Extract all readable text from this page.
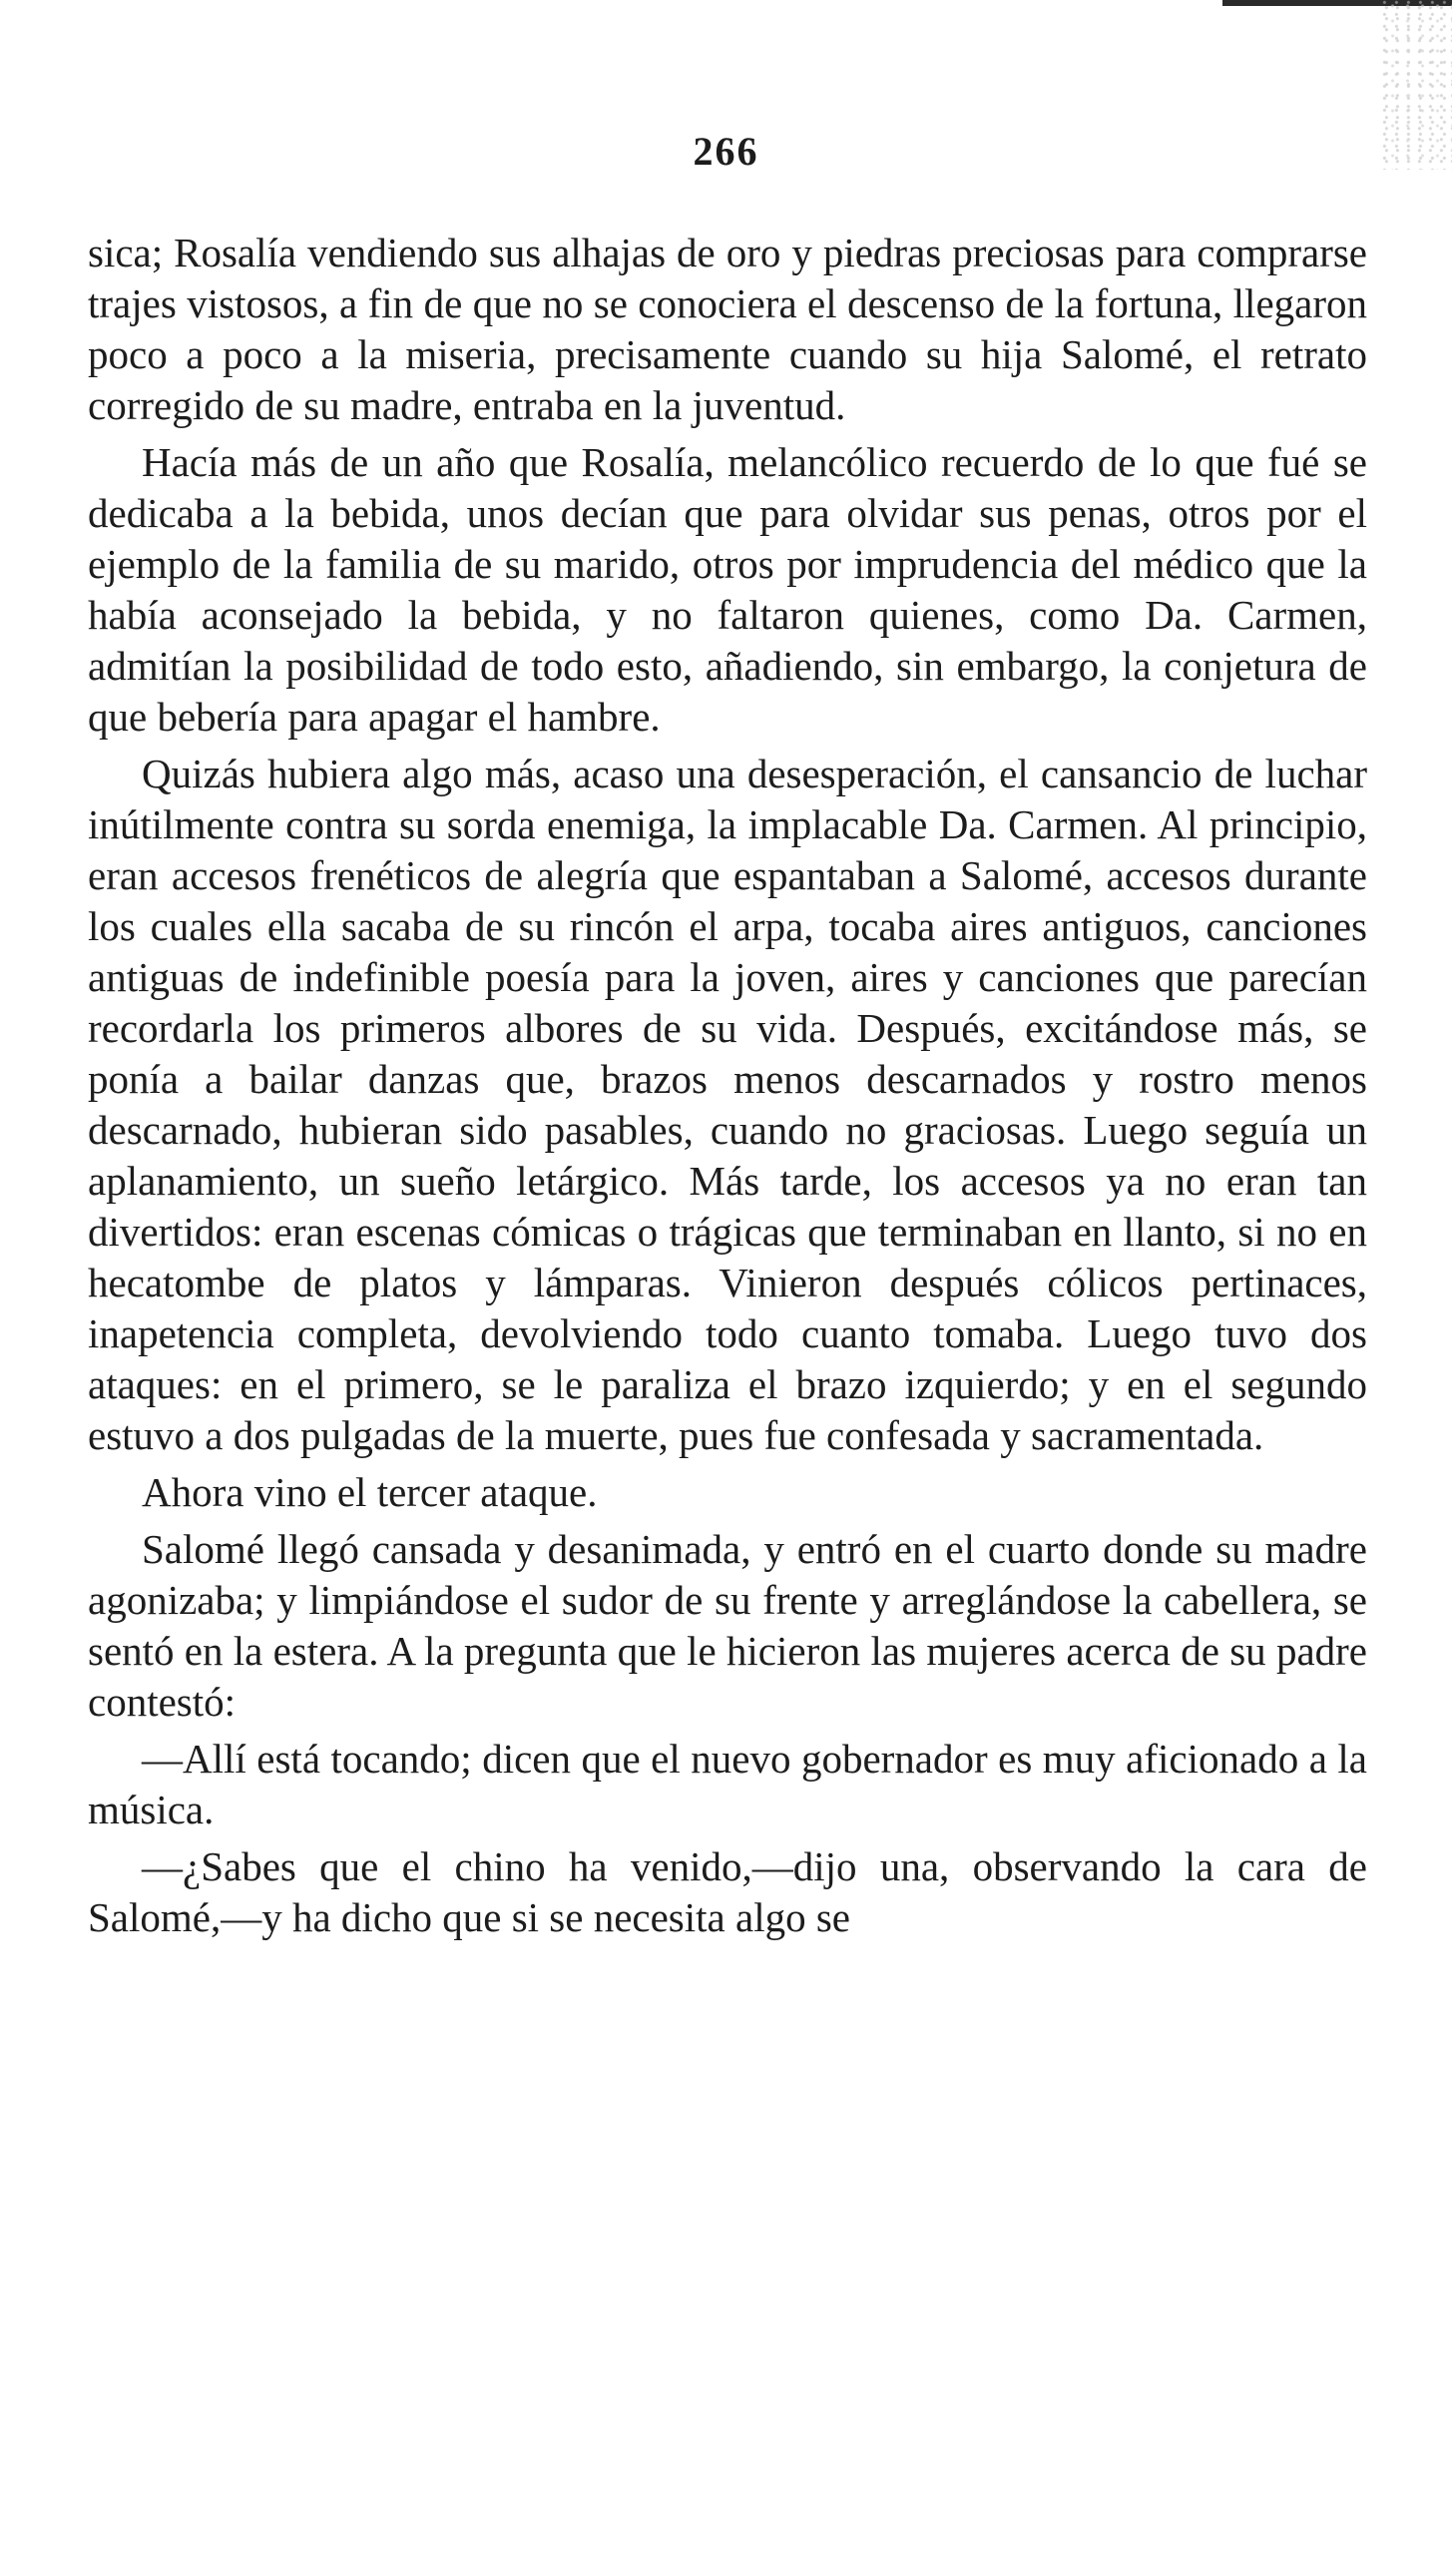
266

sica; Rosalía vendiendo sus alhajas de oro y piedras preciosas para comprarse trajes vistosos, a fin de que no se conociera el descenso de la fortuna, llegaron poco a poco a la miseria, precisamente cuando su hija Salomé, el retrato corregido de su madre, entraba en la juventud.

Hacía más de un año que Rosalía, melancólico recuerdo de lo que fué se dedicaba a la bebida, unos decían que para olvidar sus penas, otros por el ejemplo de la familia de su marido, otros por imprudencia del médico que la había aconsejado la bebida, y no faltaron quienes, como Da. Carmen, admitían la posibilidad de todo esto, añadiendo, sin embargo, la conjetura de que bebería para apagar el hambre.

Quizás hubiera algo más, acaso una desesperación, el cansancio de luchar inútilmente contra su sorda enemiga, la implacable Da. Carmen. Al principio, eran accesos frenéticos de alegría que espantaban a Salomé, accesos durante los cuales ella sacaba de su rincón el arpa, tocaba aires antiguos, canciones antiguas de indefinible poesía para la joven, aires y canciones que parecían recordarla los primeros albores de su vida. Después, excitándose más, se ponía a bailar danzas que, brazos menos descarnados y rostro menos descarnado, hubieran sido pasables, cuando no graciosas. Luego seguía un aplanamiento, un sueño letárgico. Más tarde, los accesos ya no eran tan divertidos: eran escenas cómicas o trágicas que terminaban en llanto, si no en hecatombe de platos y lámparas. Vinieron después cólicos pertinaces, inapetencia completa, devolviendo todo cuanto tomaba. Luego tuvo dos ataques: en el primero, se le paraliza el brazo izquierdo; y en el segundo estuvo a dos pulgadas de la muerte, pues fue confesada y sacramentada.

Ahora vino el tercer ataque.

Salomé llegó cansada y desanimada, y entró en el cuarto donde su madre agonizaba; y limpiándose el sudor de su frente y arreglándose la cabellera, se sentó en la estera. A la pregunta que le hicieron las mujeres acerca de su padre contestó:

—Allí está tocando; dicen que el nuevo gobernador es muy aficionado a la música.

—¿Sabes que el chino ha venido,—dijo una, observando la cara de Salomé,—y ha dicho que si se necesita algo se
